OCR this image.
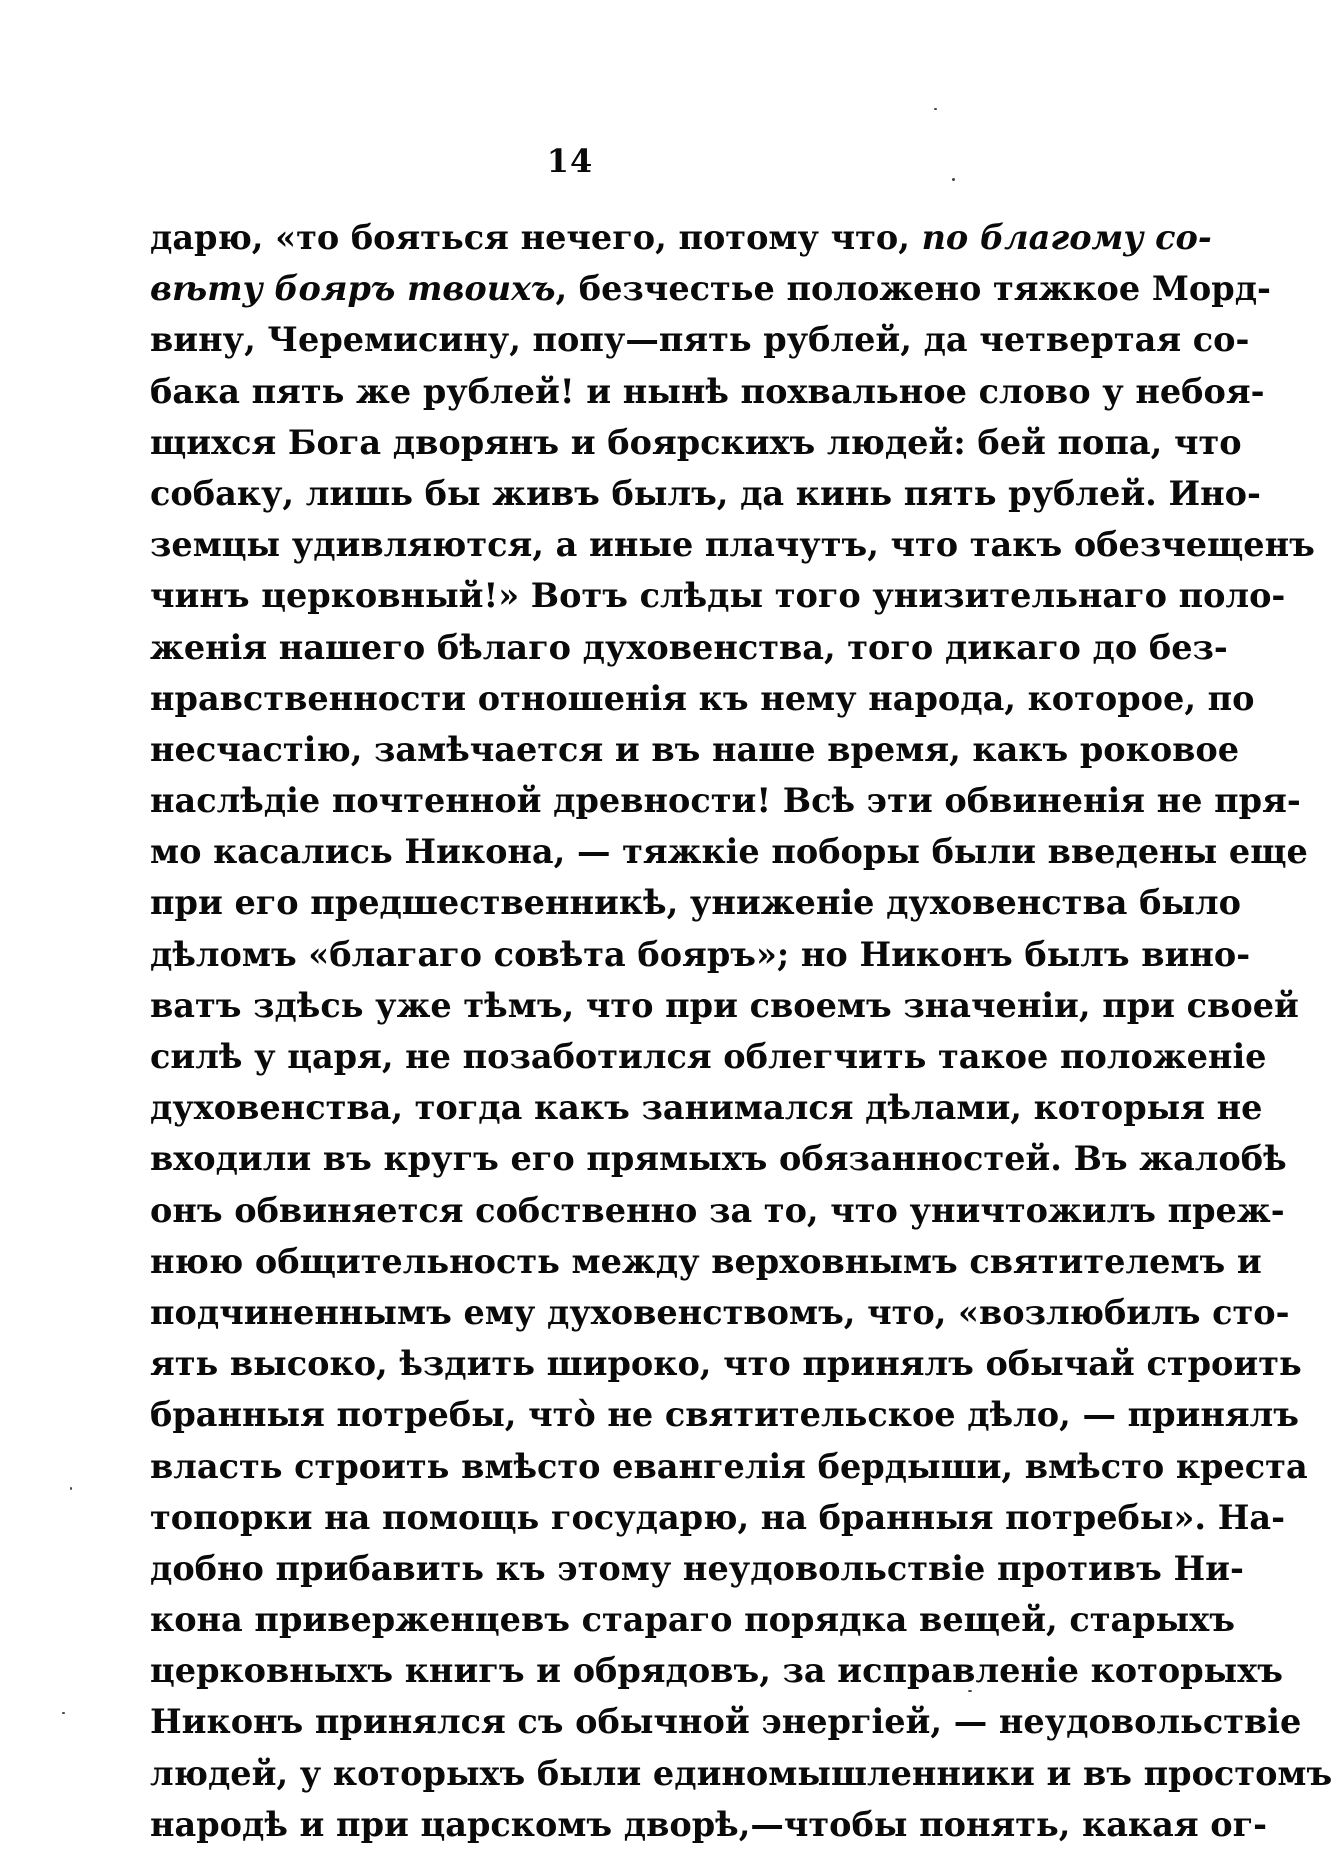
14
дарю, «то бояться нечего, потому что, по благому со-
вѣту бояръ твоихъ, безчестье положено тяжкое Морд-
вину, Черемисину, попу—пять рублей, да четвертая со-
бака пять же рублей! и нынѣ похвальное слово у небоя-
щихся Бога дворянъ и боярскихъ людей: бей попа, что
собаку, лишь бы живъ былъ, да кинь пять рублей. Ино-
земцы удивляются, а иные плачутъ, что такъ обезчещенъ
чинъ церковный!» Вотъ слѣды того унизительнаго поло-
женія нашего бѣлаго духовенства, того дикаго до без-
нравственности отношенія къ нему народа, которое, по
несчастію, замѣчается и въ наше время, какъ роковое
наслѣдіе почтенной древности! Всѣ эти обвиненія не пря-
мо касались Никона, — тяжкіе поборы были введены еще
при его предшественникѣ, униженіе духовенства было
дѣломъ «благаго совѣта бояръ»; но Никонъ былъ вино-
ватъ здѣсь уже тѣмъ, что при своемъ значеніи, при своей
силѣ у царя, не позаботился облегчить такое положеніе
духовенства, тогда какъ занимался дѣлами, которыя не
входили въ кругъ его прямыхъ обязанностей. Въ жалобѣ
онъ обвиняется собственно за то, что уничтожилъ преж-
нюю общительность между верховнымъ святителемъ и
подчиненнымъ ему духовенствомъ, что, «возлюбилъ сто-
ять высоко, ѣздить широко, что принялъ обычай строить
бранныя потребы, что̀ не святительское дѣло, — принялъ
власть строить вмѣсто евангелія бердыши, вмѣсто креста
топорки на помощь государю, на бранныя потребы». На-
добно прибавить къ этому неудовольствіе противъ Ни-
кона приверженцевъ стараго порядка вещей, старыхъ
церковныхъ книгъ и обрядовъ, за исправленіе которыхъ
Никонъ принялся съ обычной энергіей, — неудовольствіе
людей, у которыхъ были единомышленники и въ простомъ
народѣ и при царскомъ дворѣ,—чтобы понять, какая ог-
